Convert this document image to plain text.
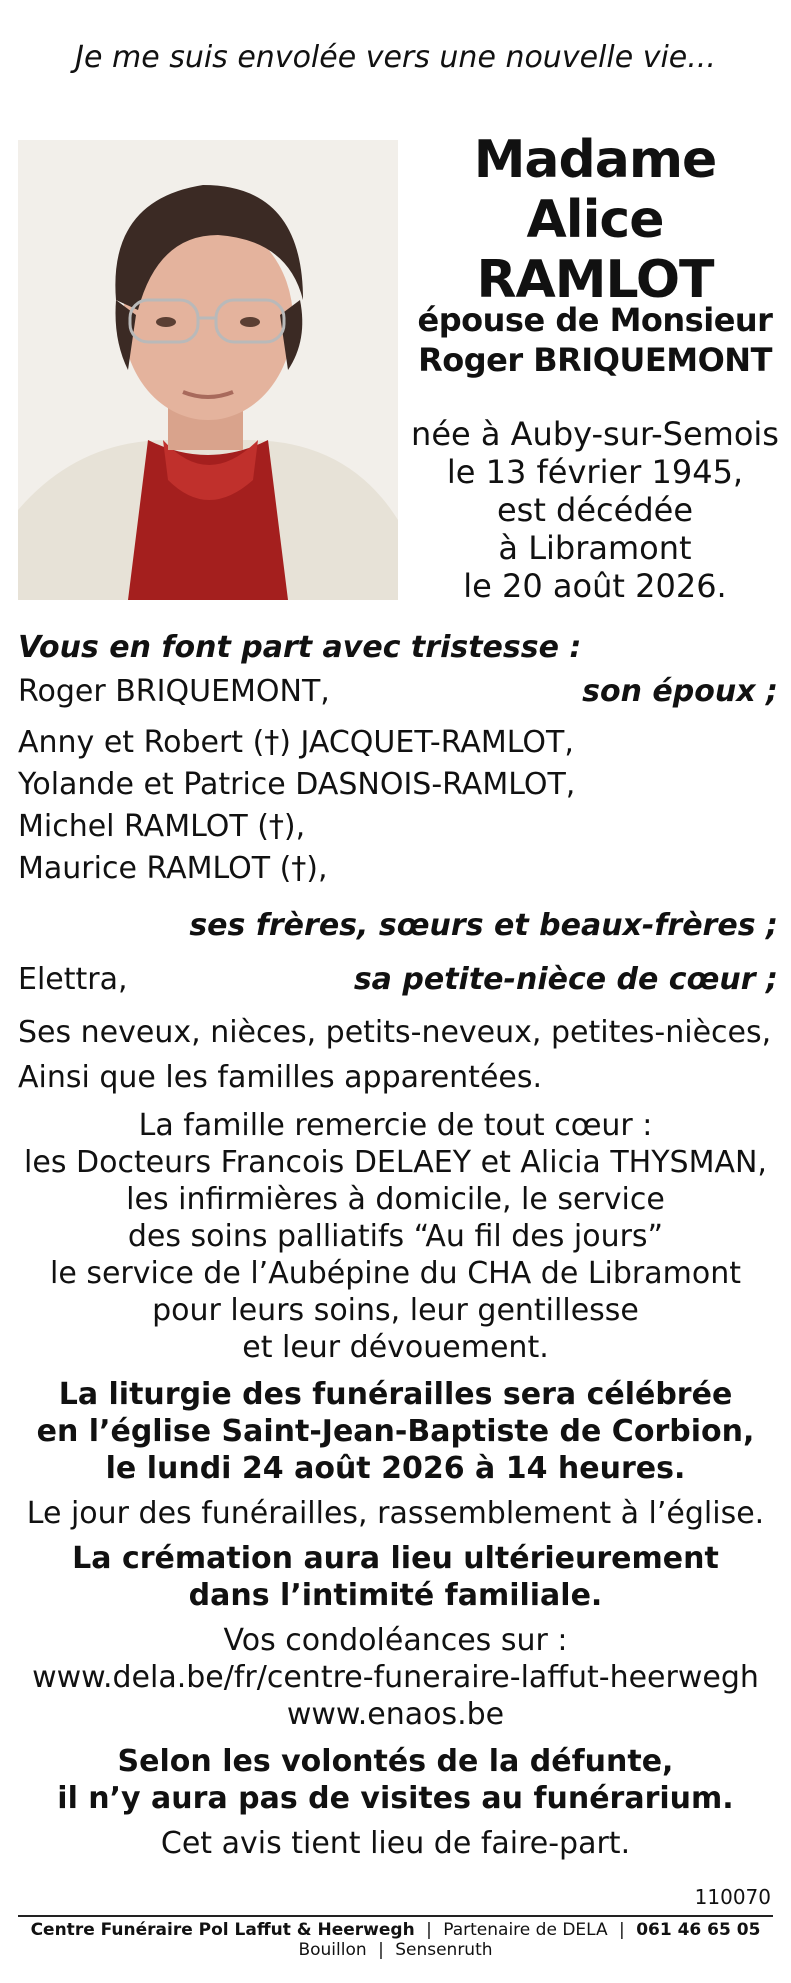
Je me suis envolée vers une nouvelle vie...
Madame
Alice RAMLOT
épouse de Monsieur
Roger BRIQUEMONT
née à Auby-sur-Semois
le 13 février 1945,
est décédée
à Libramont
le 20 août 2026.
Vous en font part avec tristesse :
Roger BRIQUEMONT,	son époux ;
Anny et Robert (†) JACQUET-RAMLOT,
Yolande et Patrice DASNOIS-RAMLOT,
Michel RAMLOT (†),
Maurice RAMLOT (†),
ses frères, sœurs et beaux-frères ;
Elettra,	sa petite-nièce de cœur ;
Ses neveux, nièces, petits-neveux, petites-nièces,
Ainsi que les familles apparentées.
La famille remercie de tout cœur :
les Docteurs Francois DELAEY et Alicia THYSMAN,
les infirmières à domicile, le service
des soins palliatifs “Au fil des jours”
le service de l’Aubépine du CHA de Libramont
pour leurs soins, leur gentillesse
et leur dévouement.
La liturgie des funérailles sera célébrée
en l’église Saint-Jean-Baptiste de Corbion,
le lundi 24 août 2026 à 14 heures.
Le jour des funérailles, rassemblement à l’église.
La crémation aura lieu ultérieurement
dans l’intimité familiale.
Vos condoléances sur :
www.dela.be/fr/centre-funeraire-laffut-heerwegh
www.enaos.be
Selon les volontés de la défunte,
il n’y aura pas de visites au funérarium.
Cet avis tient lieu de faire-part.
110070
Centre Funéraire Pol Laffut & Heerwegh | Partenaire de DELA | 061 46 65 05
Bouillon | Sensenruth
